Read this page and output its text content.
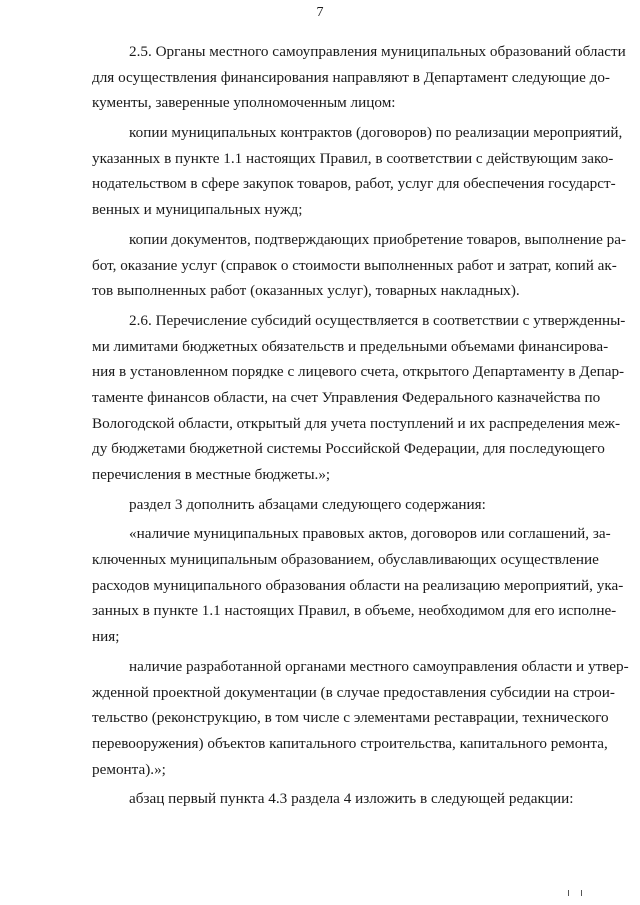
7
2.5. Органы местного самоуправления муниципальных образований области
для осуществления финансирования направляют в Департамент следующие до-
кументы, заверенные уполномоченным лицом:
копии муниципальных контрактов (договоров) по реализации мероприятий,
указанных в пункте 1.1 настоящих Правил, в соответствии с действующим зако-
нодательством в сфере закупок товаров, работ, услуг для обеспечения государст-
венных и муниципальных нужд;
копии документов, подтверждающих приобретение товаров, выполнение ра-
бот, оказание услуг (справок о стоимости выполненных работ и затрат, копий ак-
тов выполненных работ (оказанных услуг), товарных накладных).
2.6. Перечисление субсидий осуществляется в соответствии с утвержденны-
ми лимитами бюджетных обязательств и предельными объемами финансирова-
ния в установленном порядке с лицевого счета, открытого Департаменту в Депар-
таменте финансов области, на счет Управления Федерального казначейства по
Вологодской области, открытый для учета поступлений и их распределения меж-
ду бюджетами бюджетной системы Российской Федерации, для последующего
перечисления в местные бюджеты.»;
раздел 3 дополнить абзацами следующего содержания:
«наличие муниципальных правовых актов, договоров или соглашений, за-
ключенных муниципальным образованием, обуславливающих осуществление
расходов муниципального образования области на реализацию мероприятий, ука-
занных в пункте 1.1 настоящих Правил, в объеме, необходимом для его исполне-
ния;
наличие разработанной органами местного самоуправления области и утвер-
жденной проектной документации (в случае предоставления субсидии на строи-
тельство (реконструкцию, в том числе с элементами реставрации, технического
перевооружения) объектов капитального строительства, капитального ремонта,
ремонта).»;
абзац первый пункта 4.3 раздела 4 изложить в следующей редакции:
